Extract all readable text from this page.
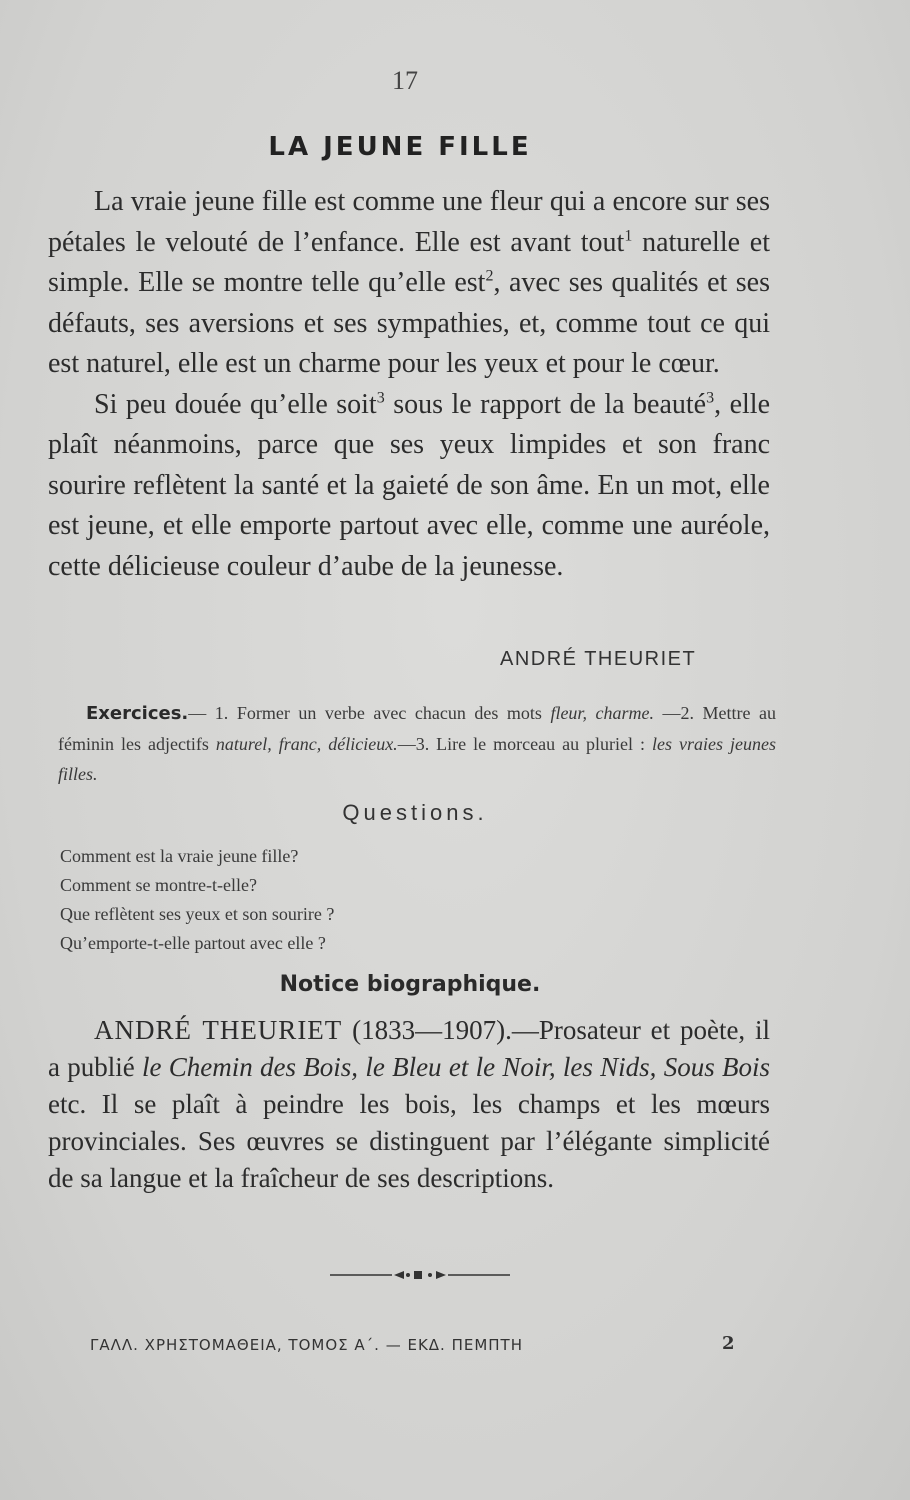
17
LA JEUNE FILLE

La vraie jeune fille est comme une fleur qui a encore sur ses pétales le velouté de l’enfance. Elle est avant tout$^1$ naturelle et simple. Elle se montre telle qu’elle est$^2$, avec ses qualités et ses défauts, ses aversions et ses sympathies, et, comme tout ce qui est naturel, elle est un charme pour les yeux et pour le cœur.

Si peu douée qu’elle soit$^3$ sous le rapport de la beauté$^3$, elle plaît néanmoins, parce que ses yeux limpides et son franc sourire reflètent la santé et la gaieté de son âme. En un mot, elle est jeune, et elle emporte partout avec elle, comme une auréole, cette délicieuse couleur d’aube de la jeunesse.

ANDRÉ THEURIET
Exercices.— 1. Former un verbe avec chacun des mots fleur, charme. —2. Mettre au féminin les adjectifs naturel, franc, délicieux.—3. Lire le morceau au pluriel : les vraies jeunes filles.
Questions.
Comment est la vraie jeune fille?
Comment se montre-t-elle?
Que reflètent ses yeux et son sourire ?
Qu’emporte-t-elle partout avec elle ?
Notice biographique.

ANDRÉ THEURIET (1833—1907).—Prosateur et poète, il a publié le Chemin des Bois, le Bleu et le Noir, les Nids, Sous Bois etc. Il se plaît à peindre les bois, les champs et les mœurs provinciales. Ses œuvres se distinguent par l’élégante simplicité de sa langue et la fraîcheur de ses descriptions.

ΓΑΛΛ. ΧΡΗΣΤΟΜΑΘΕΙΑ, ΤΟΜΟΣ Α΄. — ΕΚΔ. ΠΕΜΠΤΗ	2
